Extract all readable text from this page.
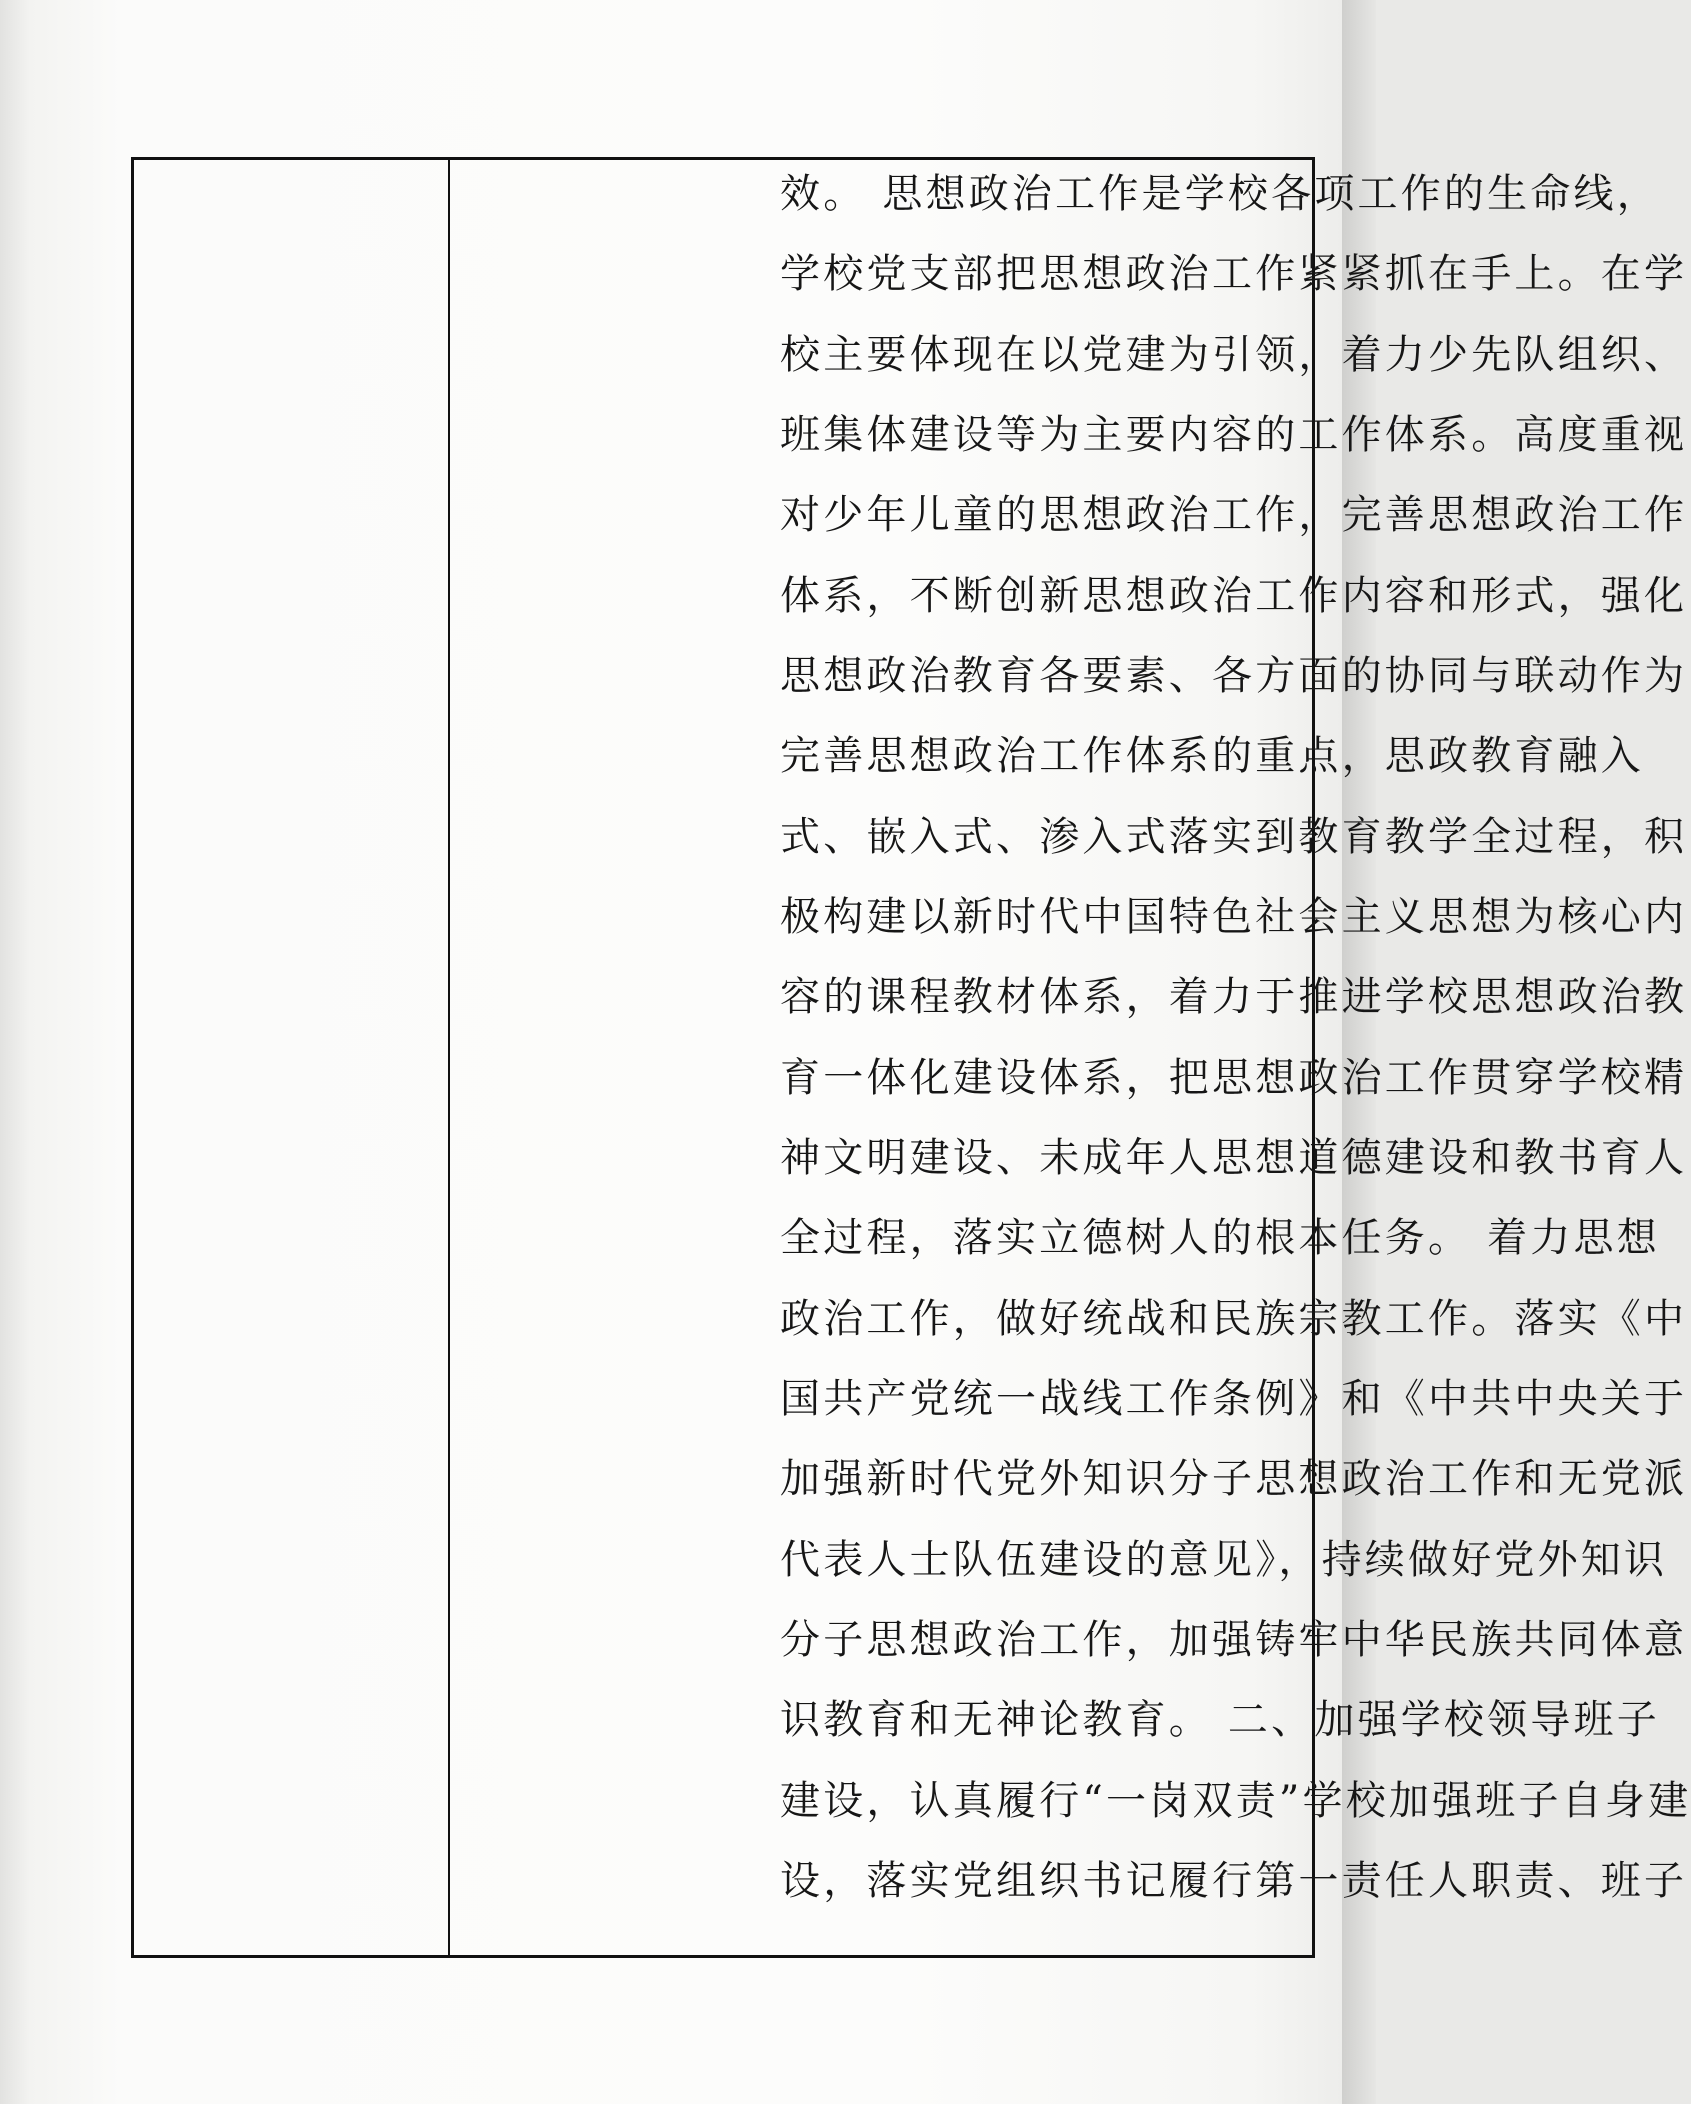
效。 思想政治工作是学校各项工作的生命线，
学校党支部把思想政治工作紧紧抓在手上。在学
校主要体现在以党建为引领，着力少先队组织、
班集体建设等为主要内容的工作体系。高度重视
对少年儿童的思想政治工作，完善思想政治工作
体系，不断创新思想政治工作内容和形式，强化
思想政治教育各要素、各方面的协同与联动作为
完善思想政治工作体系的重点，思政教育融入
式、嵌入式、渗入式落实到教育教学全过程，积
极构建以新时代中国特色社会主义思想为核心内
容的课程教材体系，着力于推进学校思想政治教
育一体化建设体系，把思想政治工作贯穿学校精
神文明建设、未成年人思想道德建设和教书育人
全过程，落实立德树人的根本任务。 着力思想
政治工作，做好统战和民族宗教工作。落实《中
国共产党统一战线工作条例》和《中共中央关于
加强新时代党外知识分子思想政治工作和无党派
代表人士队伍建设的意见》，持续做好党外知识
分子思想政治工作，加强铸牢中华民族共同体意
识教育和无神论教育。 二、加强学校领导班子
建设，认真履行“一岗双责”学校加强班子自身建
设，落实党组织书记履行第一责任人职责、班子
